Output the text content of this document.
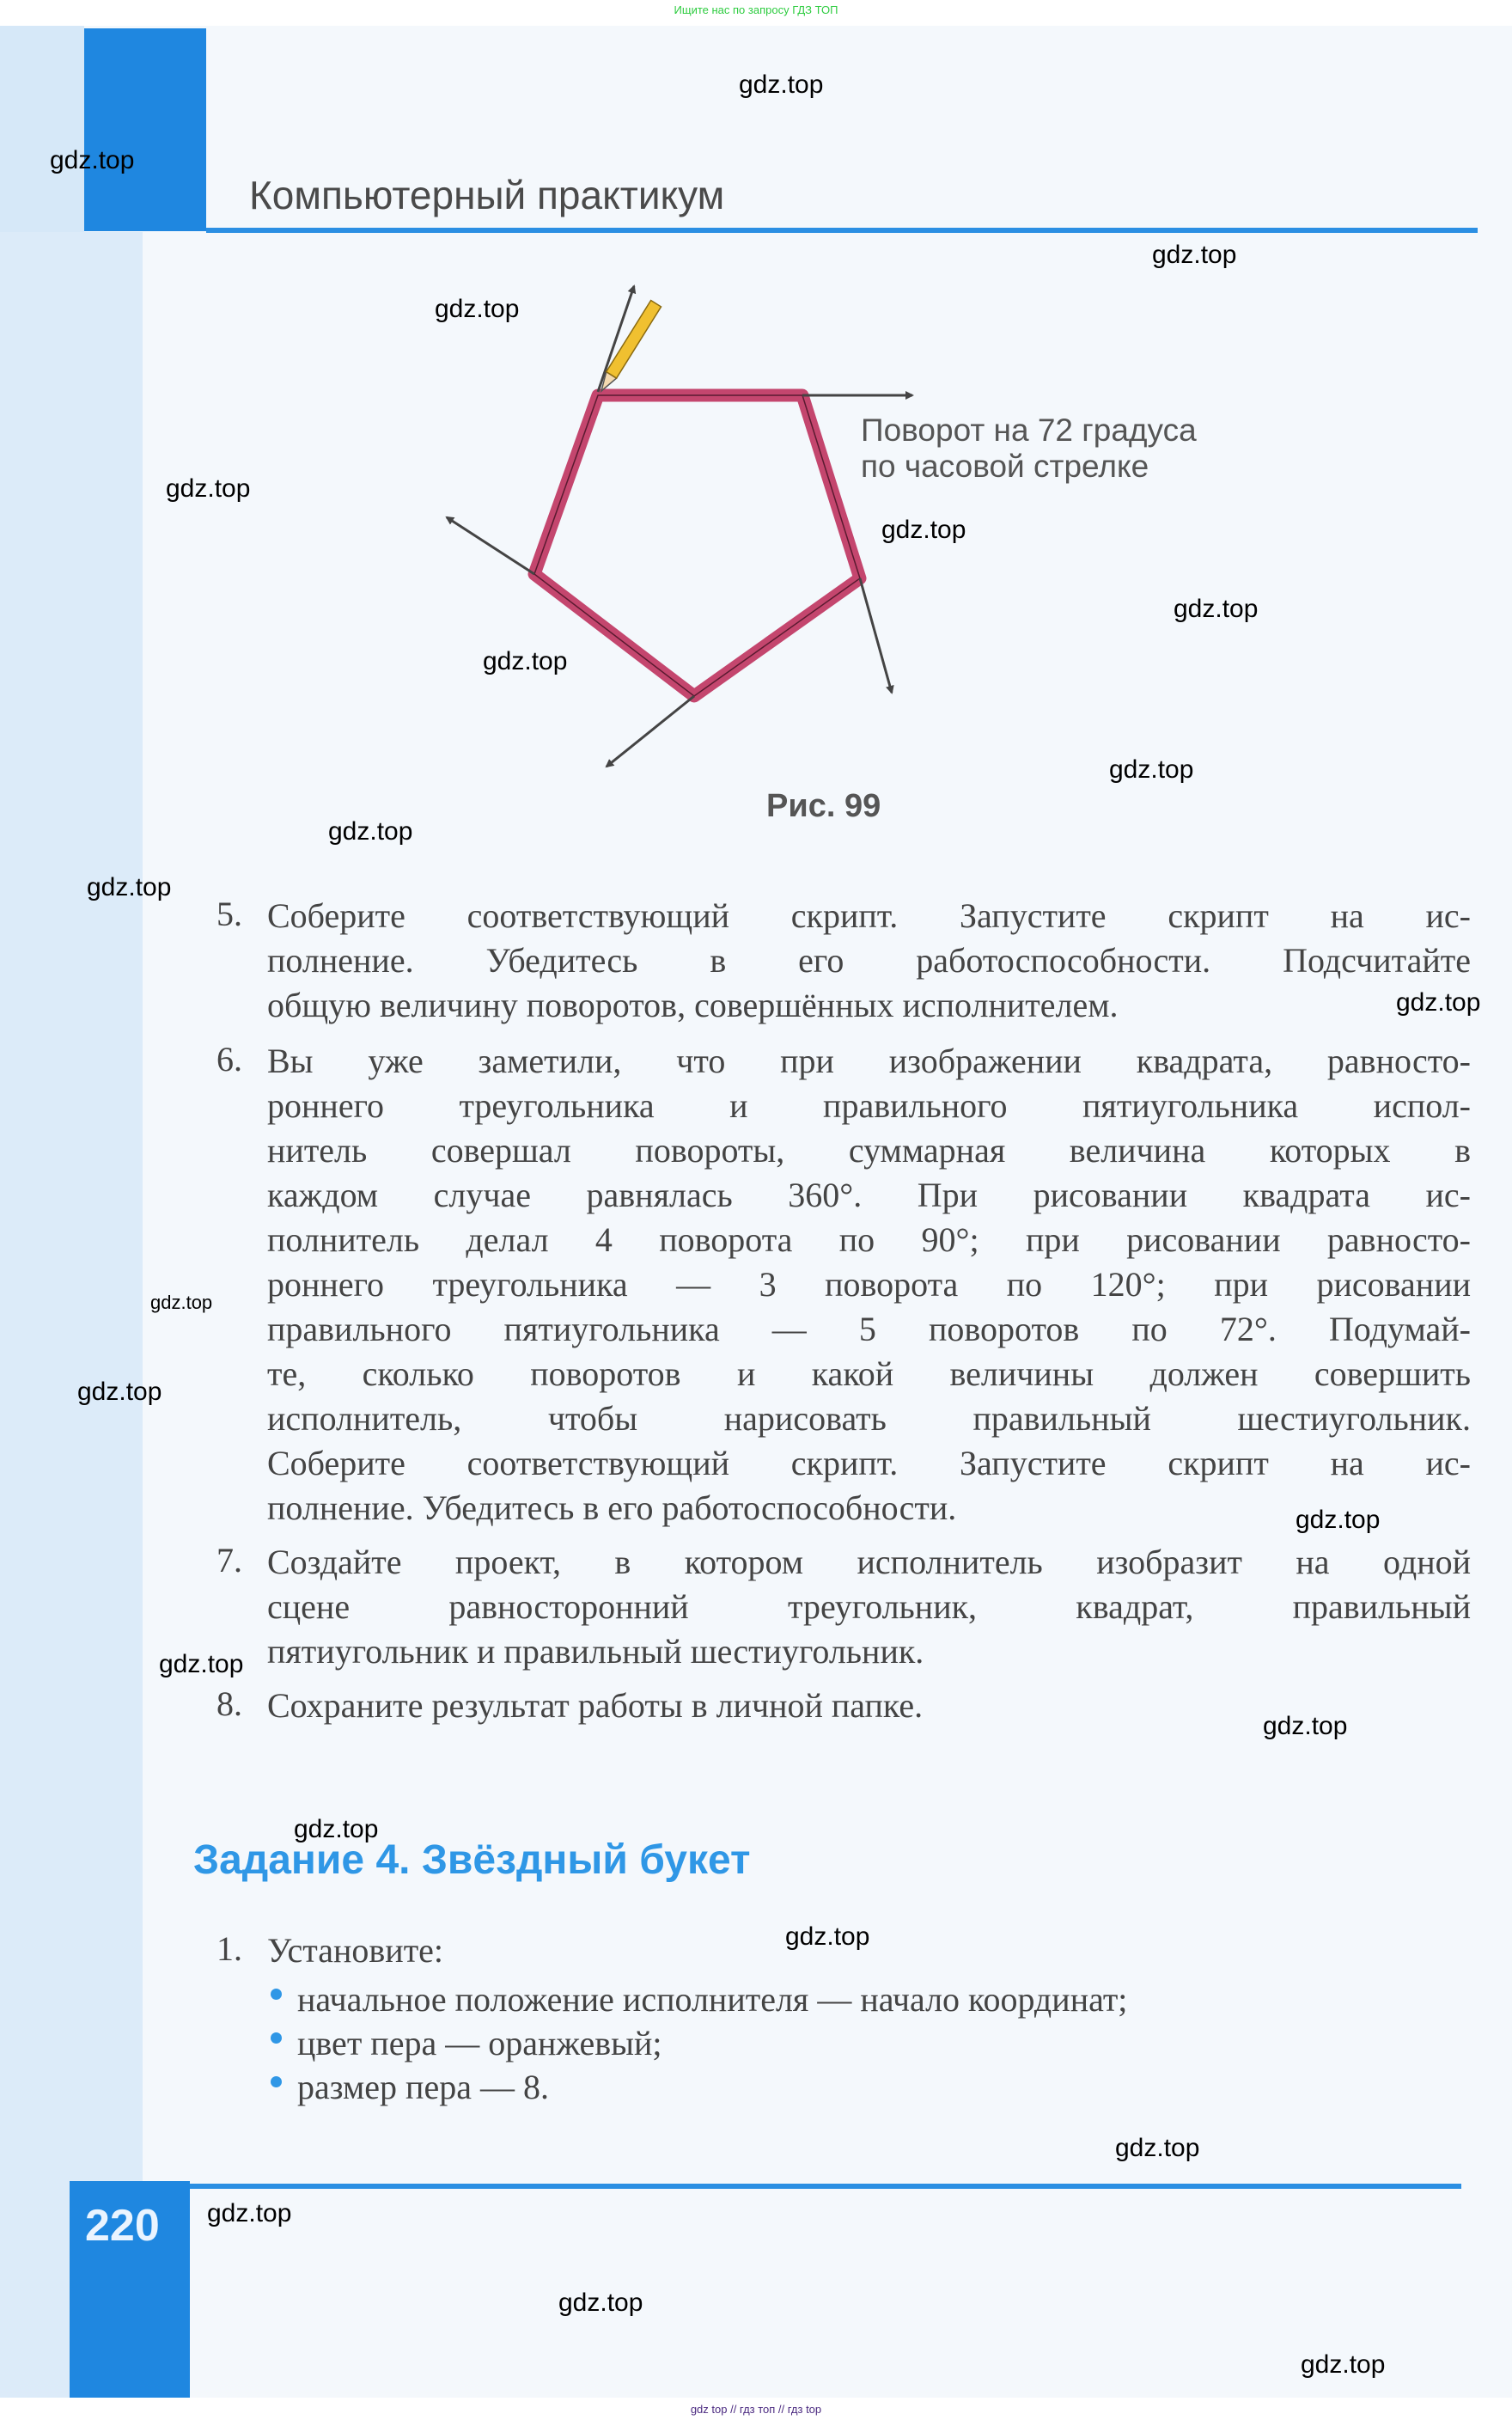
Компьютерный практикум
Ищите нас по запросу ГДЗ ТОП
Поворот на 72 градуса
по часовой стрелке
Рис. 99
5. Соберите соответствующий скрипт. Запустите скрипт на ис-
полнение. Убедитесь в его работоспособности. Подсчитайте
общую величину поворотов, совершённых исполнителем.
6. Вы уже заметили, что при изображении квадрата, равносто-
роннего треугольника и правильного пятиугольника испол-
нитель совершал повороты, суммарная величина которых в
каждом случае равнялась 360°. При рисовании квадрата ис-
полнитель делал 4 поворота по 90°; при рисовании равносто-
роннего треугольника — 3 поворота по 120°; при рисовании
правильного пятиугольника — 5 поворотов по 72°. Подумай-
те, сколько поворотов и какой величины должен совершить
исполнитель, чтобы нарисовать правильный шестиугольник.
Соберите соответствующий скрипт. Запустите скрипт на ис-
полнение. Убедитесь в его работоспособности.
7. Создайте проект, в котором исполнитель изобразит на одной
сцене равносторонний треугольник, квадрат, правильный
пятиугольник и правильный шестиугольник.
8. Сохраните результат работы в личной папке.
Задание 4. Звёздный букет
1. Установите:
начальное положение исполнителя — начало координат;
цвет пера — оранжевый;
размер пера — 8.
220
gdz.top
gdz.top
gdz.top
gdz.top
gdz.top
gdz.top
gdz.top
gdz.top
gdz.top
gdz.top
gdz.top
gdz.top
gdz.top
gdz.top
gdz.top
gdz.top
gdz.top
gdz.top
gdz.top
gdz.top
gdz.top
gdz.top
gdz.top
gdz top // гдз топ // гдз top
